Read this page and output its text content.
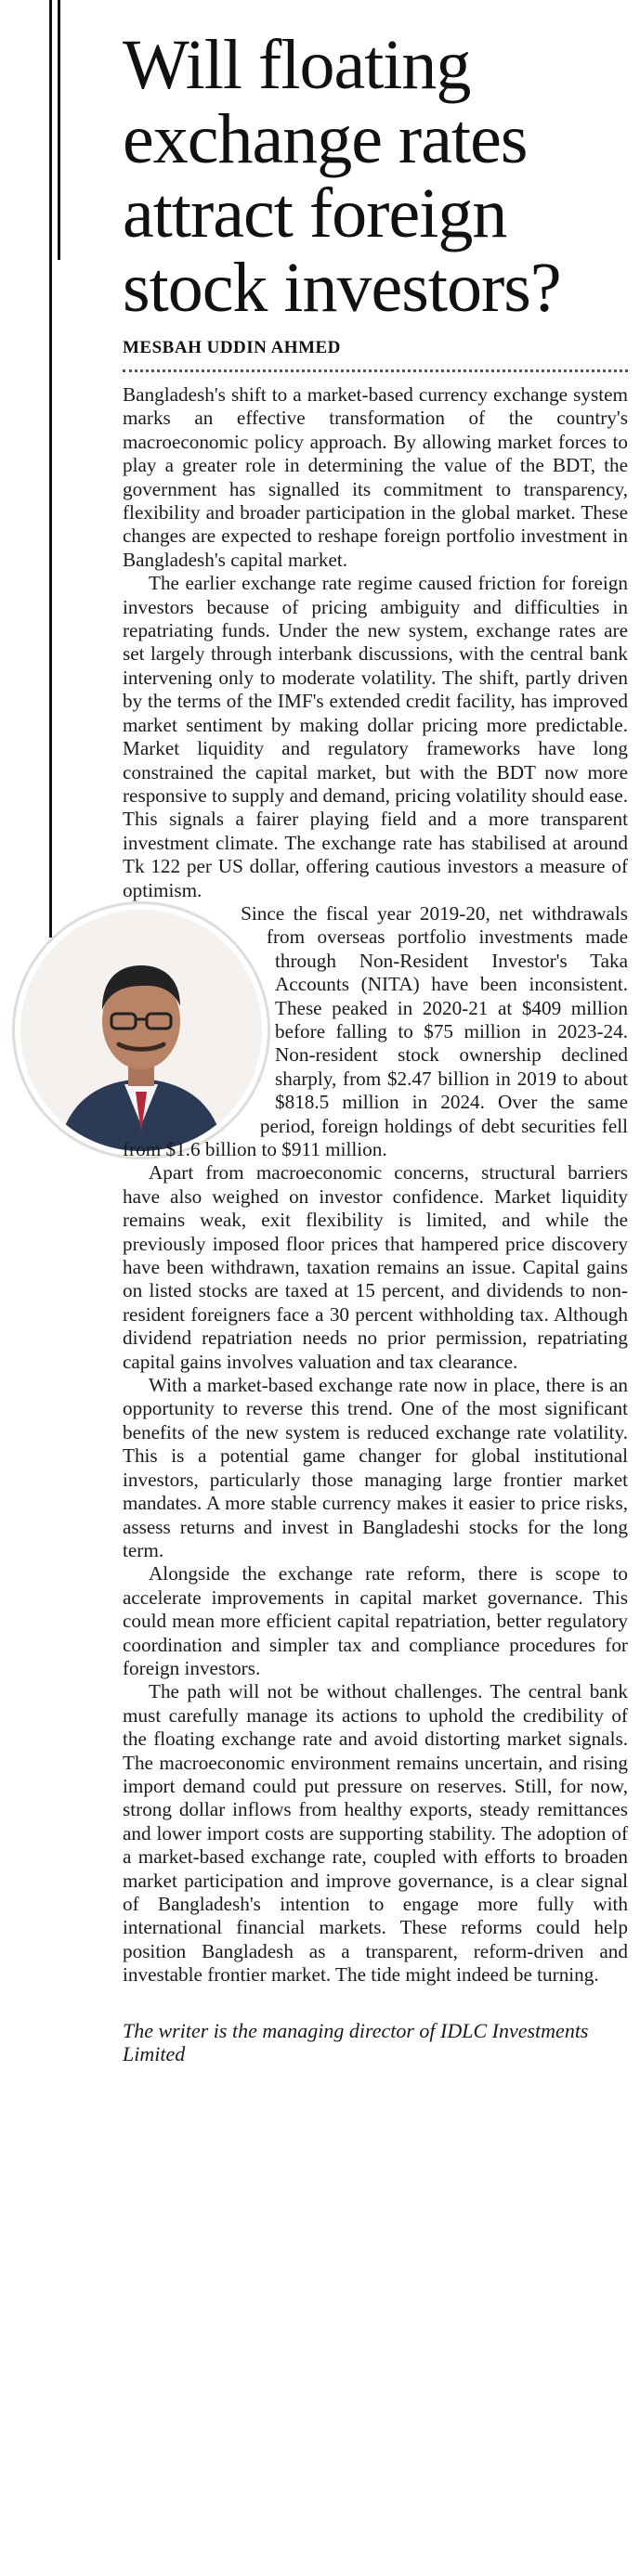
Will floating exchange rates attract foreign stock investors?
MESBAH UDDIN AHMED

Bangladesh's shift to a market-based currency exchange system marks an effective transformation of the country's macroeconomic policy approach. By allowing market forces to play a greater role in determining the value of the BDT, the government has signalled its commitment to transparency, flexibility and broader participation in the global market. These changes are expected to reshape foreign portfolio investment in Bangladesh's capital market.

The earlier exchange rate regime caused friction for foreign investors because of pricing ambiguity and difficulties in repatriating funds. Under the new system, exchange rates are set largely through interbank discussions, with the central bank intervening only to moderate volatility. The shift, partly driven by the terms of the IMF's extended credit facility, has improved market sentiment by making dollar pricing more predictable. Market liquidity and regulatory frameworks have long constrained the capital market, but with the BDT now more responsive to supply and demand, pricing volatility should ease. This signals a fairer playing field and a more transparent investment climate. The exchange rate has stabilised at around Tk 122 per US dollar, offering cautious investors a measure of optimism.

Since the fiscal year 2019-20, net withdrawals from overseas portfolio investments made through Non-Resident Investor's Taka Accounts (NITA) have been inconsistent. These peaked in 2020-21 at $409 million before falling to $75 million in 2023-24. Non-resident stock ownership declined sharply, from $2.47 billion in 2019 to about $818.5 million in 2024. Over the same period, foreign holdings of debt securities fell from $1.6 billion to $911 million.

Apart from macroeconomic concerns, structural barriers have also weighed on investor confidence. Market liquidity remains weak, exit flexibility is limited, and while the previously imposed floor prices that hampered price discovery have been withdrawn, taxation remains an issue. Capital gains on listed stocks are taxed at 15 percent, and dividends to non-resident foreigners face a 30 percent withholding tax. Although dividend repatriation needs no prior permission, repatriating capital gains involves valuation and tax clearance.

With a market-based exchange rate now in place, there is an opportunity to reverse this trend. One of the most significant benefits of the new system is reduced exchange rate volatility. This is a potential game changer for global institutional investors, particularly those managing large frontier market mandates. A more stable currency makes it easier to price risks, assess returns and invest in Bangladeshi stocks for the long term.

Alongside the exchange rate reform, there is scope to accelerate improvements in capital market governance. This could mean more efficient capital repatriation, better regulatory coordination and simpler tax and compliance procedures for foreign investors.

The path will not be without challenges. The central bank must carefully manage its actions to uphold the credibility of the floating exchange rate and avoid distorting market signals. The macroeconomic environment remains uncertain, and rising import demand could put pressure on reserves. Still, for now, strong dollar inflows from healthy exports, steady remittances and lower import costs are supporting stability. The adoption of a market-based exchange rate, coupled with efforts to broaden market participation and improve governance, is a clear signal of Bangladesh's intention to engage more fully with international financial markets. These reforms could help position Bangladesh as a transparent, reform-driven and investable frontier market. The tide might indeed be turning.

The writer is the managing director of IDLC Investments Limited
